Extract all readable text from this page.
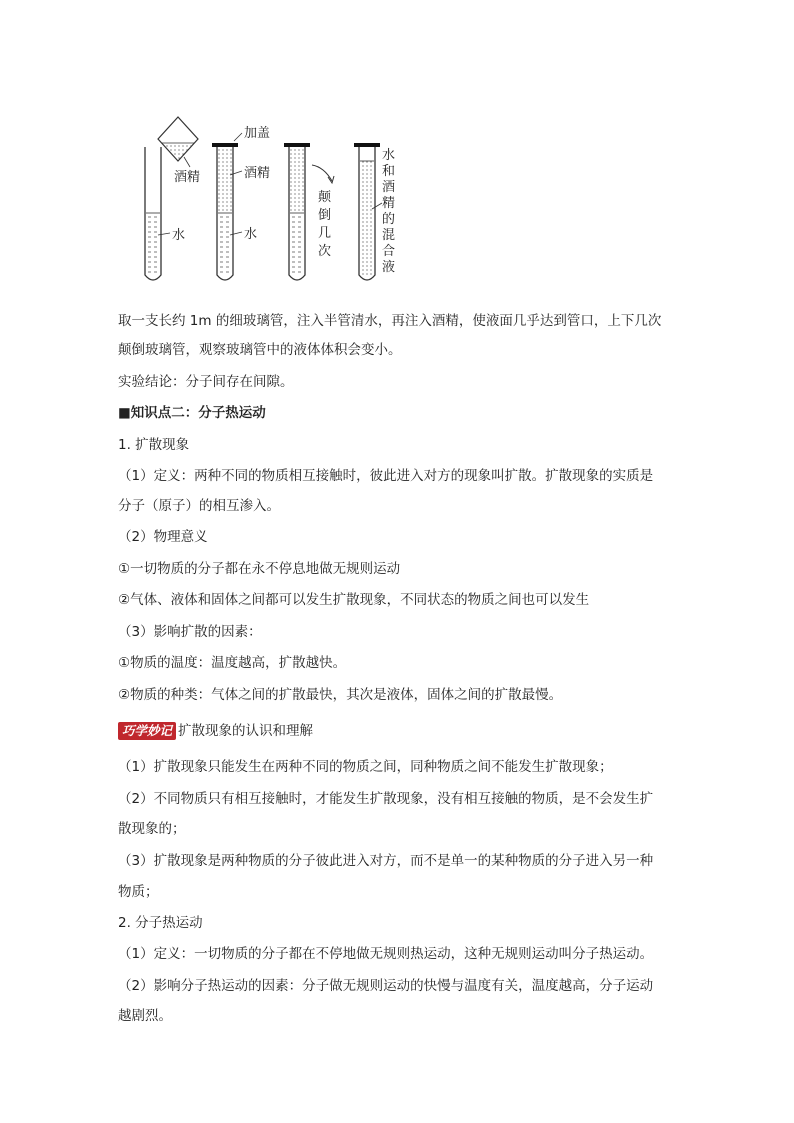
酒精
水
加盖
酒精
水
颠
倒
几
次
水
和
酒
精
的
混
合
液
取一支长约 1m 的细玻璃管，注入半管清水，再注入酒精，使液面几乎达到管口，上下几次
颠倒玻璃管，观察玻璃管中的液体体积会变小。
实验结论：分子间存在间隙。
■知识点二：分子热运动
1. 扩散现象
（1）定义：两种不同的物质相互接触时，彼此进入对方的现象叫扩散。扩散现象的实质是
分子（原子）的相互渗入。
（2）物理意义
①一切物质的分子都在永不停息地做无规则运动
②气体、液体和固体之间都可以发生扩散现象，不同状态的物质之间也可以发生
（3）影响扩散的因素：
①物质的温度：温度越高，扩散越快。
②物质的种类：气体之间的扩散最快，其次是液体，固体之间的扩散最慢。
巧学妙记 扩散现象的认识和理解
（1）扩散现象只能发生在两种不同的物质之间，同种物质之间不能发生扩散现象；
（2）不同物质只有相互接触时，才能发生扩散现象，没有相互接触的物质，是不会发生扩
散现象的；
（3）扩散现象是两种物质的分子彼此进入对方，而不是单一的某种物质的分子进入另一种
物质；
2. 分子热运动
（1）定义：一切物质的分子都在不停地做无规则热运动，这种无规则运动叫分子热运动。
（2）影响分子热运动的因素：分子做无规则运动的快慢与温度有关，温度越高，分子运动
越剧烈。
